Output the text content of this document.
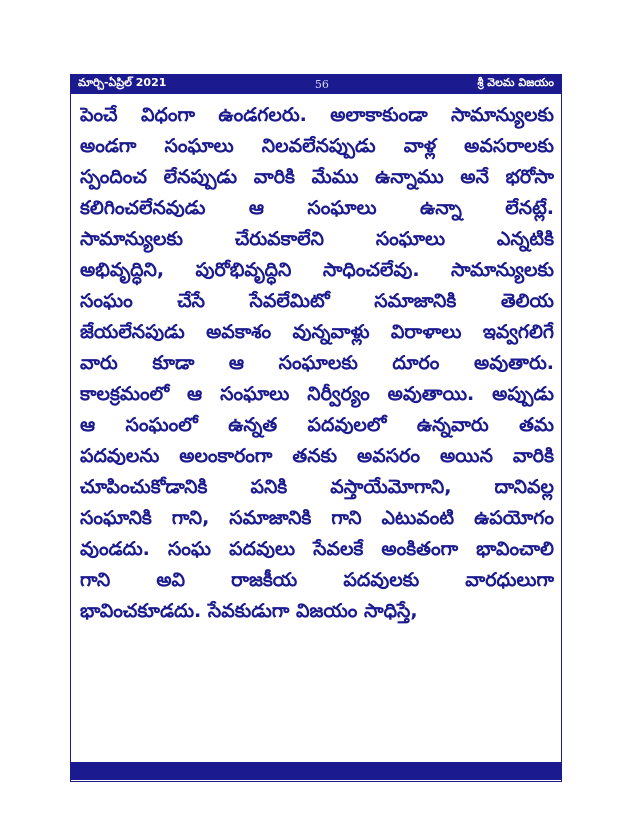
మార్చి-ఏప్రిల్ 2021	56	శ్రీ వెలమ విజయం
పెంచే విధంగా ఉండగలరు. అలాకాకుండా సామాన్యులకు
అండగా సంఘాలు నిలవలేనప్పుడు వాళ్ల అవసరాలకు
స్పందించ లేనప్పుడు వారికి మేము ఉన్నాము అనే భరోసా
కలిగించలేనవుడు ఆ సంఘాలు ఉన్నా లేనట్లే.
సామాన్యులకు చేరువకాలేని సంఘాలు ఎన్నటికి
అభివృద్ధిని, పురోభివృద్ధిని సాధించలేవు. సామాన్యులకు
సంఘం చేసే సేవలేమిటో సమాజానికి తెలియ
జేయలేనపుడు అవకాశం వున్నవాళ్లు విరాళాలు ఇవ్వగలిగే
వారు కూడా ఆ సంఘాలకు దూరం అవుతారు.
కాలక్రమంలో ఆ సంఘాలు నిర్వీర్యం అవుతాయి. అప్పుడు
ఆ సంఘంలో ఉన్నత పదవులలో ఉన్నవారు తమ
పదవులను అలంకారంగా తనకు అవసరం అయిన వారికి
చూపించుకోడానికి పనికి వస్తాయేమోగాని, దానివల్ల
సంఘానికి గాని, సమాజానికి గాని ఎటువంటి ఉపయోగం
వుండదు. సంఘ పదవులు సేవలకే అంకితంగా భావించాలి
గాని అవి రాజకీయ పదవులకు వారధులుగా
భావించకూడదు. సేవకుడుగా విజయం సాధిస్తే,
